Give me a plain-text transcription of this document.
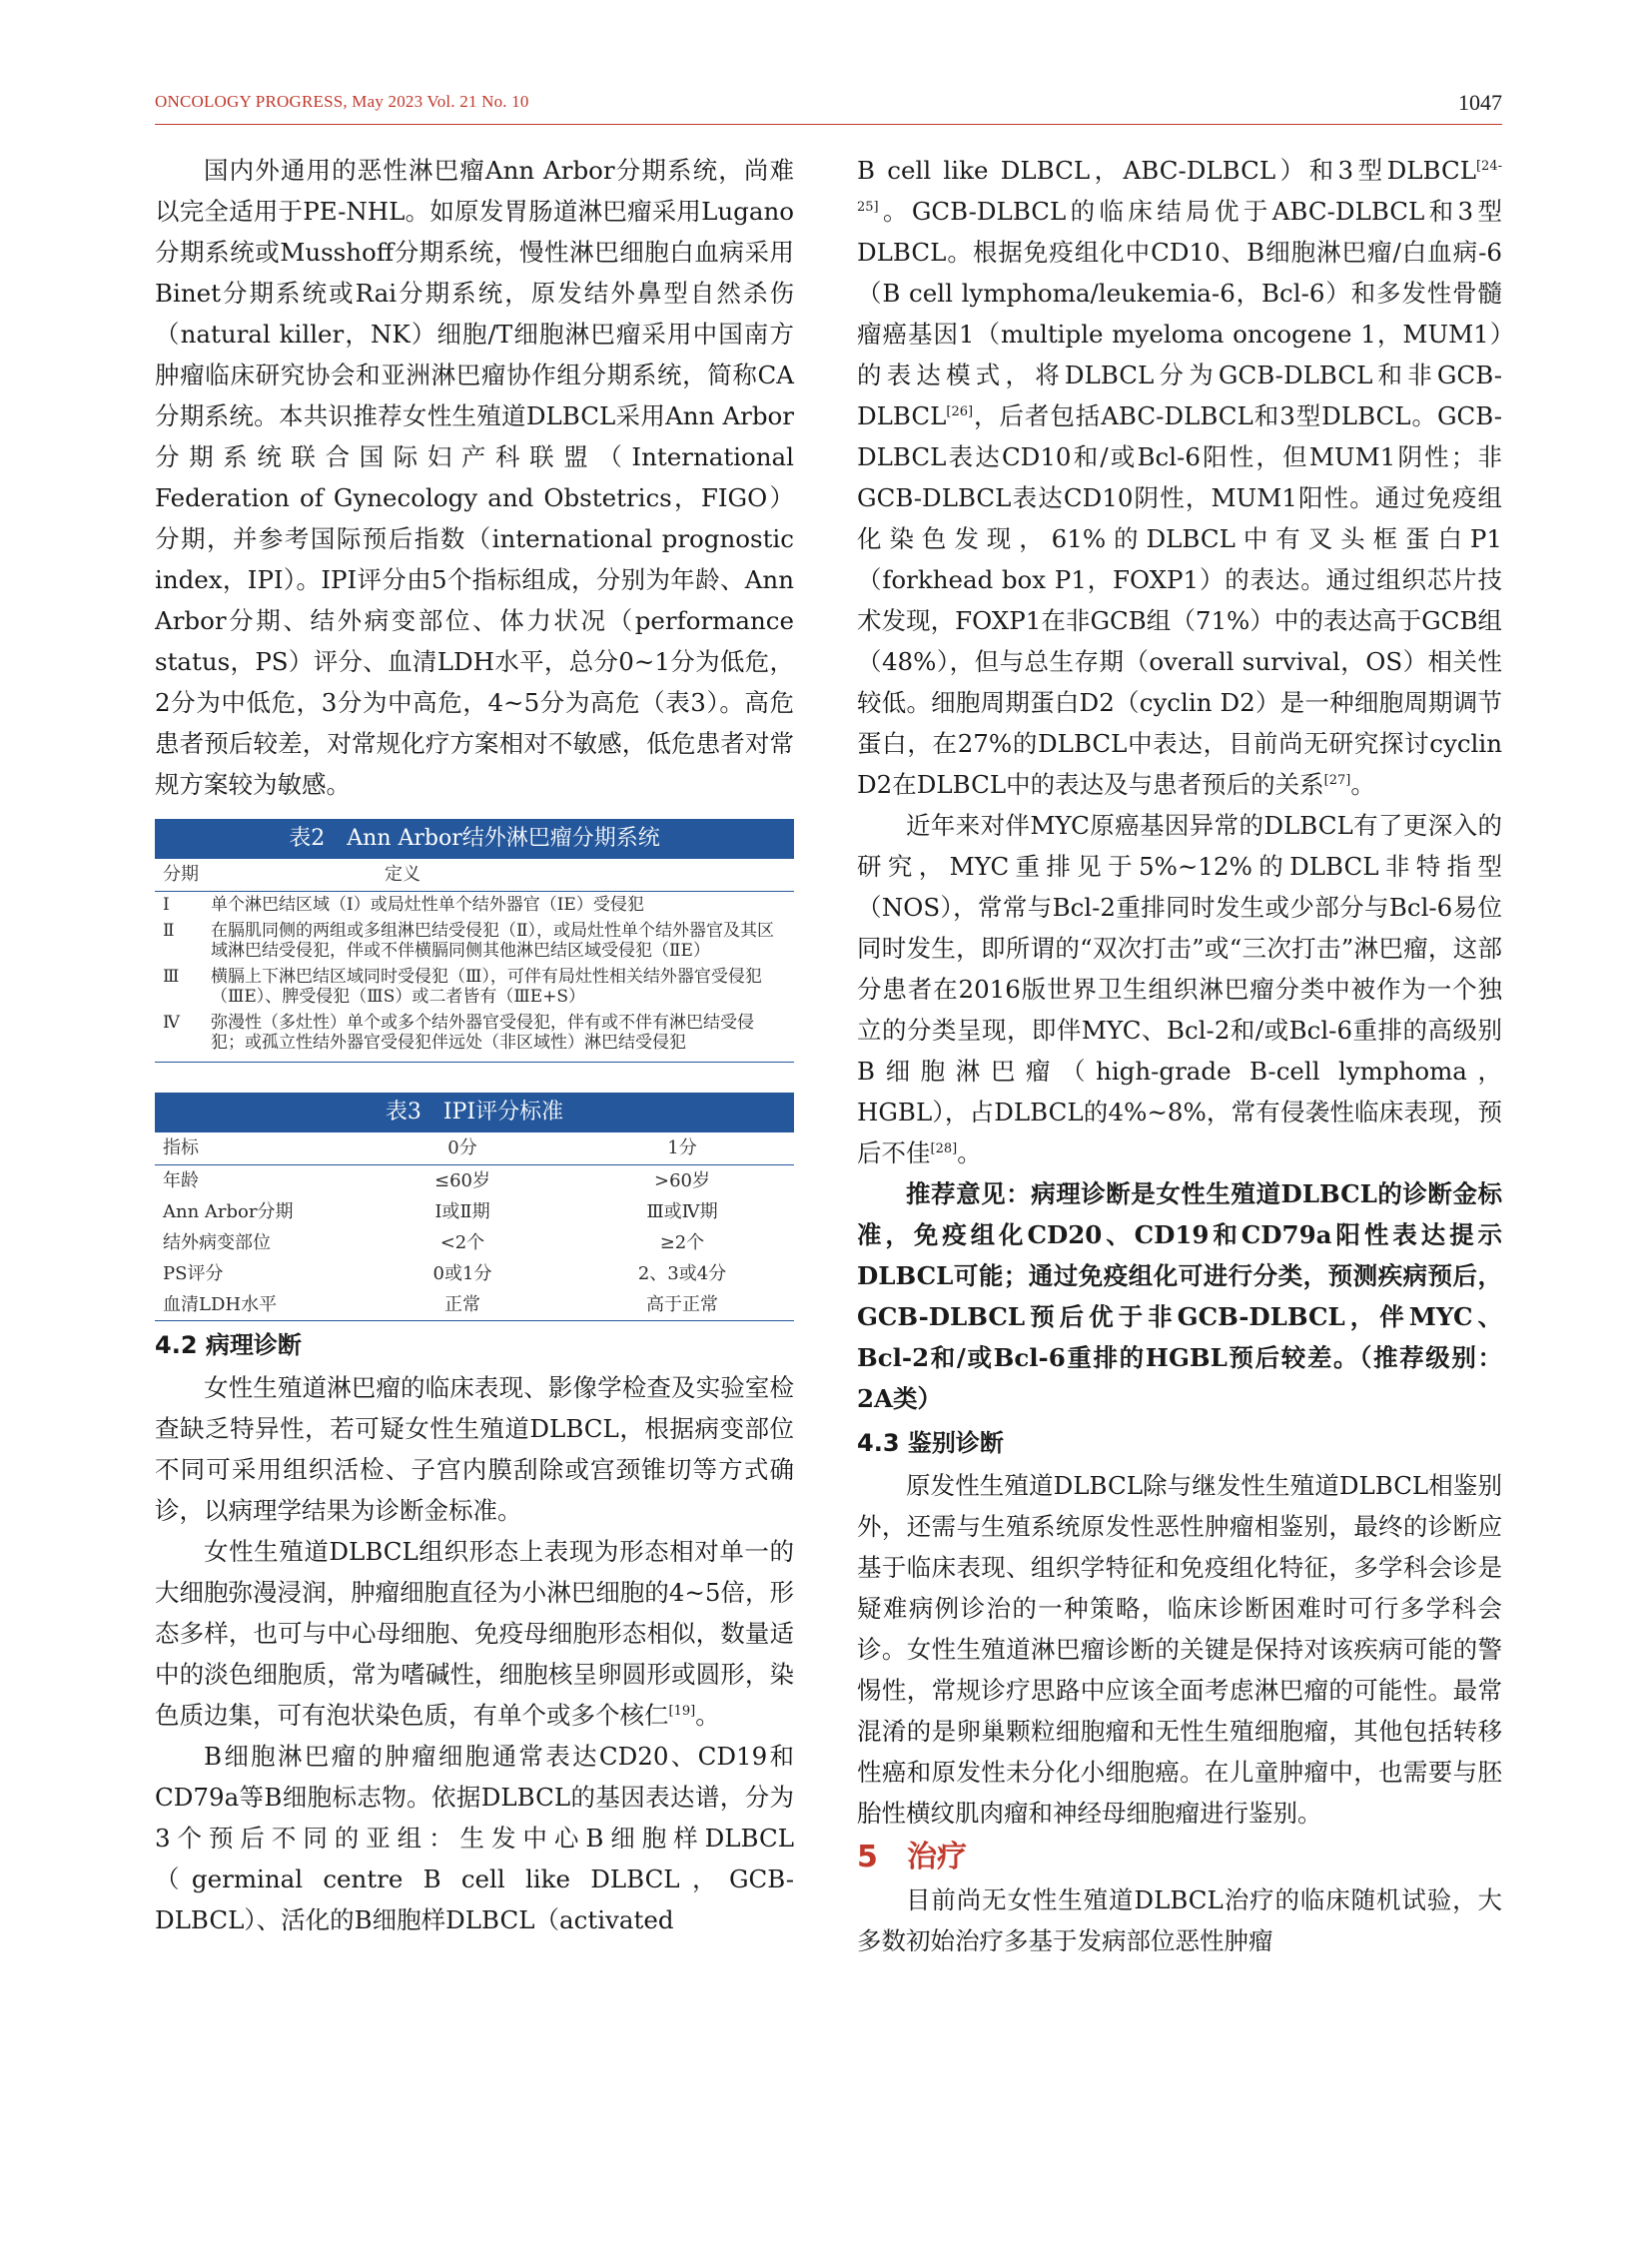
ONCOLOGY PROGRESS, May 2023 Vol. 21 No. 10	1047

国内外通用的恶性淋巴瘤Ann Arbor分期系统，尚难以完全适用于PE-NHL。如原发胃肠道淋巴瘤采用Lugano分期系统或Musshoff分期系统，慢性淋巴细胞白血病采用Binet分期系统或Rai分期系统，原发结外鼻型自然杀伤（natural killer，NK）细胞/T细胞淋巴瘤采用中国南方肿瘤临床研究协会和亚洲淋巴瘤协作组分期系统，简称CA分期系统。本共识推荐女性生殖道DLBCL采用Ann Arbor分期系统联合国际妇产科联盟（International Federation of Gynecology and Obstetrics，FIGO）分期，并参考国际预后指数（international prognostic index，IPI）。IPI评分由5个指标组成，分别为年龄、Ann Arbor分期、结外病变部位、体力状况（performance status，PS）评分、血清LDH水平，总分0~1分为低危，2分为中低危，3分为中高危，4~5分为高危（表3）。高危患者预后较差，对常规化疗方案相对不敏感，低危患者对常规方案较为敏感。

表2　Ann Arbor结外淋巴瘤分期系统
分期	定义
Ⅰ	单个淋巴结区域（Ⅰ）或局灶性单个结外器官（ⅠE）受侵犯
Ⅱ	在膈肌同侧的两组或多组淋巴结受侵犯（Ⅱ），或局灶性单个结外器官及其区域淋巴结受侵犯，伴或不伴横膈同侧其他淋巴结区域受侵犯（ⅡE）
Ⅲ	横膈上下淋巴结区域同时受侵犯（Ⅲ），可伴有局灶性相关结外器官受侵犯（ⅢE）、脾受侵犯（ⅢS）或二者皆有（ⅢE+S）
Ⅳ	弥漫性（多灶性）单个或多个结外器官受侵犯，伴有或不伴有淋巴结受侵犯；或孤立性结外器官受侵犯伴远处（非区域性）淋巴结受侵犯
表3　IPI评分标准
指标	0分	1分
年龄	≤60岁	>60岁
Ann Arbor分期	Ⅰ或Ⅱ期	Ⅲ或Ⅳ期
结外病变部位	<2个	≥2个
PS评分	0或1分	2、3或4分
血清LDH水平	正常	高于正常
4.2 病理诊断

女性生殖道淋巴瘤的临床表现、影像学检查及实验室检查缺乏特异性，若可疑女性生殖道DLBCL，根据病变部位不同可采用组织活检、子宫内膜刮除或宫颈锥切等方式确诊，以病理学结果为诊断金标准。

女性生殖道DLBCL组织形态上表现为形态相对单一的大细胞弥漫浸润，肿瘤细胞直径为小淋巴细胞的4~5倍，形态多样，也可与中心母细胞、免疫母细胞形态相似，数量适中的淡色细胞质，常为嗜碱性，细胞核呈卵圆形或圆形，染色质边集，可有泡状染色质，有单个或多个核仁[19]。

B细胞淋巴瘤的肿瘤细胞通常表达CD20、CD19和CD79a等B细胞标志物。依据DLBCL的基因表达谱，分为3个预后不同的亚组：生发中心B细胞样DLBCL（germinal centre B cell like DLBCL，GCB-DLBCL）、活化的B细胞样DLBCL（activated

B cell like DLBCL，ABC-DLBCL）和3型DLBCL[24-25]。GCB-DLBCL的临床结局优于ABC-DLBCL和3型DLBCL。根据免疫组化中CD10、B细胞淋巴瘤/白血病-6（B cell lymphoma/leukemia-6，Bcl-6）和多发性骨髓瘤癌基因1（multiple myeloma oncogene 1，MUM1）的表达模式，将DLBCL分为GCB-DLBCL和非GCB-DLBCL[26]，后者包括ABC-DLBCL和3型DLBCL。GCB-DLBCL表达CD10和/或Bcl-6阳性，但MUM1阴性；非GCB-DLBCL表达CD10阴性，MUM1阳性。通过免疫组化染色发现，61%的DLBCL中有叉头框蛋白P1（forkhead box P1，FOXP1）的表达。通过组织芯片技术发现，FOXP1在非GCB组（71%）中的表达高于GCB组（48%），但与总生存期（overall survival，OS）相关性较低。细胞周期蛋白D2（cyclin D2）是一种细胞周期调节蛋白，在27%的DLBCL中表达，目前尚无研究探讨cyclin D2在DLBCL中的表达及与患者预后的关系[27]。

近年来对伴MYC原癌基因异常的DLBCL有了更深入的研究，MYC重排见于5%~12%的DLBCL非特指型（NOS），常常与Bcl-2重排同时发生或少部分与Bcl-6易位同时发生，即所谓的“双次打击”或“三次打击”淋巴瘤，这部分患者在2016版世界卫生组织淋巴瘤分类中被作为一个独立的分类呈现，即伴MYC、Bcl-2和/或Bcl-6重排的高级别B细胞淋巴瘤（high-grade B-cell lymphoma，HGBL），占DLBCL的4%~8%，常有侵袭性临床表现，预后不佳[28]。

推荐意见：病理诊断是女性生殖道DLBCL的诊断金标准，免疫组化CD20、CD19和CD79a阳性表达提示DLBCL可能；通过免疫组化可进行分类，预测疾病预后，GCB-DLBCL预后优于非GCB-DLBCL，伴MYC、Bcl-2和/或Bcl-6重排的HGBL预后较差。（推荐级别：2A类）

4.3 鉴别诊断

原发性生殖道DLBCL除与继发性生殖道DLBCL相鉴别外，还需与生殖系统原发性恶性肿瘤相鉴别，最终的诊断应基于临床表现、组织学特征和免疫组化特征，多学科会诊是疑难病例诊治的一种策略，临床诊断困难时可行多学科会诊。女性生殖道淋巴瘤诊断的关键是保持对该疾病可能的警惕性，常规诊疗思路中应该全面考虑淋巴瘤的可能性。最常混淆的是卵巢颗粒细胞瘤和无性生殖细胞瘤，其他包括转移性癌和原发性未分化小细胞癌。在儿童肿瘤中，也需要与胚胎性横纹肌肉瘤和神经母细胞瘤进行鉴别。

5 治疗

目前尚无女性生殖道DLBCL治疗的临床随机试验，大多数初始治疗多基于发病部位恶性肿瘤
